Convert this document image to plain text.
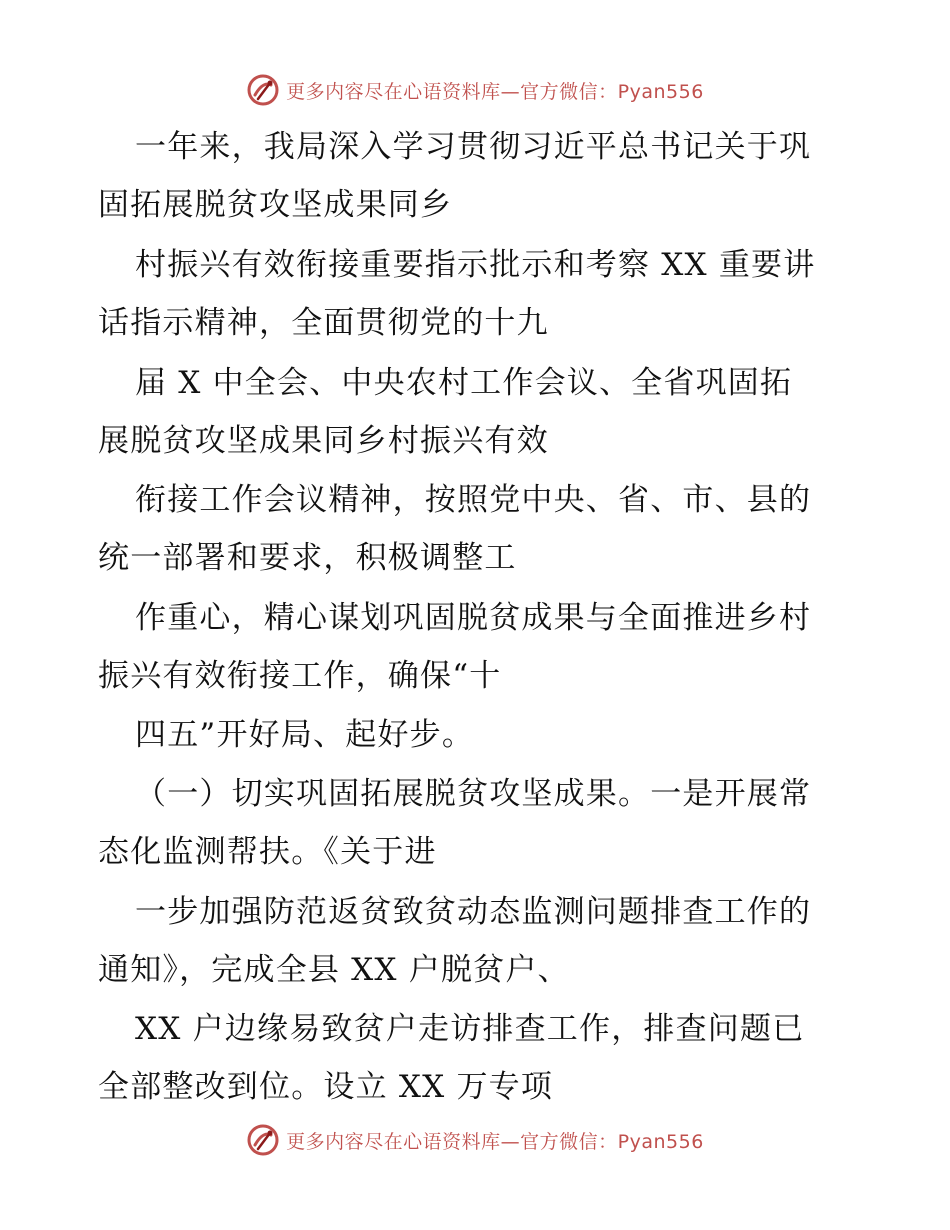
更多内容尽在心语资料库—官方微信：Pyan556
一年来，我局深入学习贯彻习近平总书记关于巩
固拓展脱贫攻坚成果同乡
村振兴有效衔接重要指示批示和考察 XX 重要讲
话指示精神，全面贯彻党的十九
届 X 中全会、中央农村工作会议、全省巩固拓
展脱贫攻坚成果同乡村振兴有效
衔接工作会议精神，按照党中央、省、市、县的
统一部署和要求，积极调整工
作重心，精心谋划巩固脱贫成果与全面推进乡村
振兴有效衔接工作，确保“十
四五”开好局、起好步。
（一）切实巩固拓展脱贫攻坚成果。一是开展常
态化监测帮扶。《关于进
一步加强防范返贫致贫动态监测问题排查工作的
通知》，完成全县 XX 户脱贫户、
XX 户边缘易致贫户走访排查工作，排查问题已
全部整改到位。设立 XX 万专项
更多内容尽在心语资料库—官方微信：Pyan556
